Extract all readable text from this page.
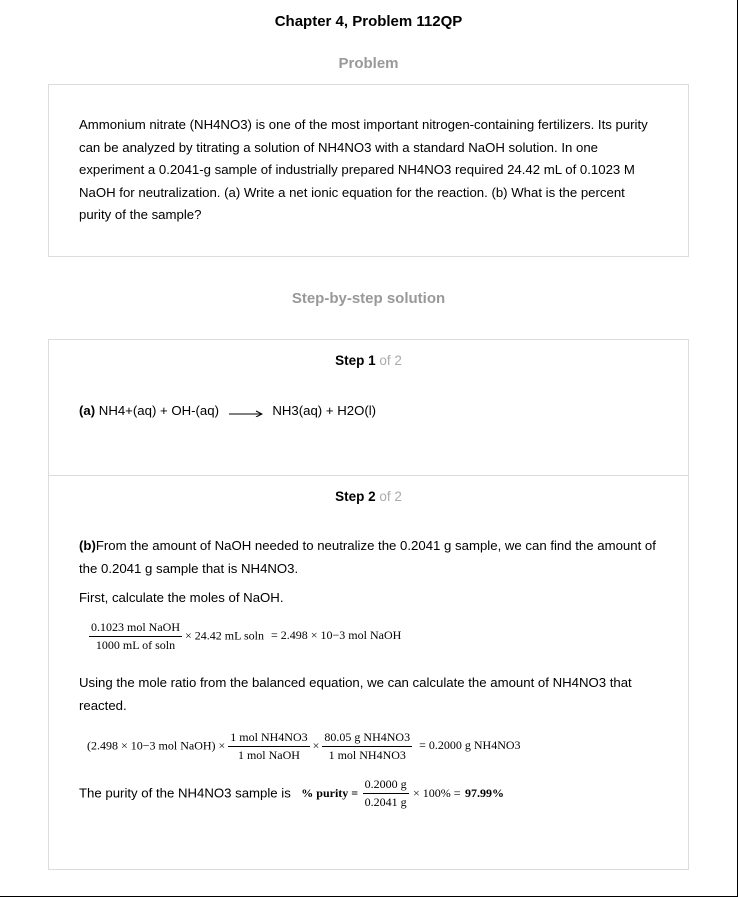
Chapter 4, Problem 112QP
Problem
Ammonium nitrate (NH4NO3) is one of the most important nitrogen-containing fertilizers. Its purity can be analyzed by titrating a solution of NH4NO3 with a standard NaOH solution. In one experiment a 0.2041-g sample of industrially prepared NH4NO3 required 24.42 mL of 0.1023 M NaOH for neutralization. (a) Write a net ionic equation for the reaction. (b) What is the percent purity of the sample?
Step-by-step solution
Step 1 of 2
(a) NH4+(aq) + OH-(aq) → NH3(aq) + H2O(l)
Step 2 of 2
(b)From the amount of NaOH needed to neutralize the 0.2041 g sample, we can find the amount of the 0.2041 g sample that is NH4NO3.
First, calculate the moles of NaOH.
$\frac{\text{0.1023 mol NaOH}}{\text{1000 mL of soln}} \times 24.42$ mL soln = 2.498 × 10−3 mol NaOH
Using the mole ratio from the balanced equation, we can calculate the amount of NH4NO3 that reacted.
(2.498 × 10−3 mol NaOH) × $\frac{\text{1 mol NH4NO3}}{\text{1 mol NaOH}} \times \frac{\text{80.05 g NH4NO3}}{\text{1 mol NH4NO3}} = 0.2000$ g NH4NO3
The purity of the NH4NO3 sample is % purity = $\frac{0.2000 g}{0.2041 g} \times 100\% = 97.99\%$
